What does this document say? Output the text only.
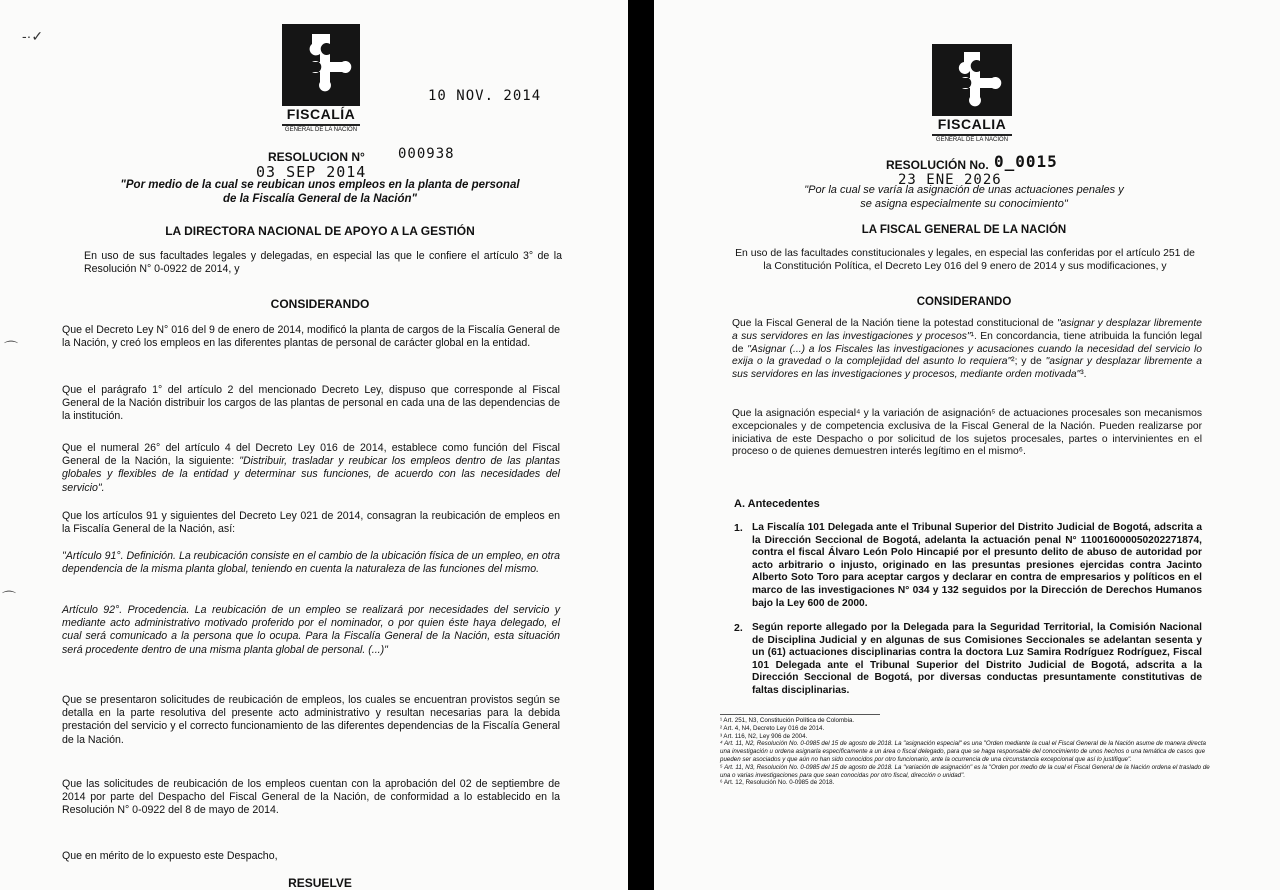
-·✓
FISCALÍA
GENERAL DE LA NACIÓN
10 NOV. 2014
RESOLUCION N° 000938
03 SEP 2014
"Por medio de la cual se reubican unos empleos en la planta de personal
de la Fiscalía General de la Nación"
LA DIRECTORA NACIONAL DE APOYO A LA GESTIÓN
En uso de sus facultades legales y delegadas, en especial las que le confiere el artículo 3° de la Resolución N° 0-0922 de 2014, y
CONSIDERANDO
Que el Decreto Ley N° 016 del 9 de enero de 2014, modificó la planta de cargos de la Fiscalía General de la Nación, y creó los empleos en las diferentes plantas de personal de carácter global en la entidad.
Que el parágrafo 1° del artículo 2 del mencionado Decreto Ley, dispuso que corresponde al Fiscal General de la Nación distribuir los cargos de las plantas de personal en cada una de las dependencias de la institución.
Que el numeral 26° del artículo 4 del Decreto Ley 016 de 2014, establece como función del Fiscal General de la Nación, la siguiente: "Distribuir, trasladar y reubicar los empleos dentro de las plantas globales y flexibles de la entidad y determinar sus funciones, de acuerdo con las necesidades del servicio".
Que los artículos 91 y siguientes del Decreto Ley 021 de 2014, consagran la reubicación de empleos en la Fiscalía General de la Nación, así:
"Artículo 91°. Definición. La reubicación consiste en el cambio de la ubicación física de un empleo, en otra dependencia de la misma planta global, teniendo en cuenta la naturaleza de las funciones del mismo.
Artículo 92°. Procedencia. La reubicación de un empleo se realizará por necesidades del servicio y mediante acto administrativo motivado proferido por el nominador, o por quien éste haya delegado, el cual será comunicado a la persona que lo ocupa. Para la Fiscalía General de la Nación, esta situación será procedente dentro de una misma planta global de personal. (...)"
Que se presentaron solicitudes de reubicación de empleos, los cuales se encuentran provistos según se detalla en la parte resolutiva del presente acto administrativo y resultan necesarias para la debida prestación del servicio y el correcto funcionamiento de las diferentes dependencias de la Fiscalía General de la Nación.
Que las solicitudes de reubicación de los empleos cuentan con la aprobación del 02 de septiembre de 2014 por parte del Despacho del Fiscal General de la Nación, de conformidad a lo establecido en la Resolución N° 0-0922 del 8 de mayo de 2014.
Que en mérito de lo expuesto este Despacho,
RESUELVE
⌒
⌒
FISCALIA
GENERAL DE LA NACIÓN
RESOLUCIÓN No. 0_0015
23 ENE 2026
"Por la cual se varía la asignación de unas actuaciones penales y
se asigna especialmente su conocimiento"
LA FISCAL GENERAL DE LA NACIÓN
En uso de las facultades constitucionales y legales, en especial las conferidas por el artículo 251 de la Constitución Política, el Decreto Ley 016 del 9 enero de 2014 y sus modificaciones, y
CONSIDERANDO
Que la Fiscal General de la Nación tiene la potestad constitucional de "asignar y desplazar libremente a sus servidores en las investigaciones y procesos"¹. En concordancia, tiene atribuida la función legal de "Asignar (...) a los Fiscales las investigaciones y acusaciones cuando la necesidad del servicio lo exija o la gravedad o la complejidad del asunto lo requiera"²; y de "asignar y desplazar libremente a sus servidores en las investigaciones y procesos, mediante orden motivada"³.
Que la asignación especial⁴ y la variación de asignación⁵ de actuaciones procesales son mecanismos excepcionales y de competencia exclusiva de la Fiscal General de la Nación. Pueden realizarse por iniciativa de este Despacho o por solicitud de los sujetos procesales, partes o intervinientes en el proceso o de quienes demuestren interés legítimo en el mismo⁶.
A. Antecedentes
1. La Fiscalía 101 Delegada ante el Tribunal Superior del Distrito Judicial de Bogotá, adscrita a la Dirección Seccional de Bogotá, adelanta la actuación penal N° 110016000050202271874, contra el fiscal Álvaro León Polo Hincapié por el presunto delito de abuso de autoridad por acto arbitrario o injusto, originado en las presuntas presiones ejercidas contra Jacinto Alberto Soto Toro para aceptar cargos y declarar en contra de empresarios y políticos en el marco de las investigaciones N° 034 y 132 seguidos por la Dirección de Derechos Humanos bajo la Ley 600 de 2000.
2. Según reporte allegado por la Delegada para la Seguridad Territorial, la Comisión Nacional de Disciplina Judicial y en algunas de sus Comisiones Seccionales se adelantan sesenta y un (61) actuaciones disciplinarias contra la doctora Luz Samira Rodríguez Rodríguez, Fiscal 101 Delegada ante el Tribunal Superior del Distrito Judicial de Bogotá, adscrita a la Dirección Seccional de Bogotá, por diversas conductas presuntamente constitutivas de faltas disciplinarias.
¹ Art. 251, N3, Constitución Política de Colombia.
² Art. 4, N4, Decreto Ley 016 de 2014.
³ Art. 116, N2, Ley 906 de 2004.
⁴ Art. 11, N2, Resolución No. 0-0985 del 15 de agosto de 2018. La "asignación especial" es una "Orden mediante la cual el Fiscal General de la Nación asume de manera directa una investigación u ordena asignarla específicamente a un área o fiscal delegado, para que se haga responsable del conocimiento de unos hechos o una temática de casos que pueden ser asociados y que aún no han sido conocidos por otro funcionario, ante la ocurrencia de una circunstancia excepcional que así lo justifique".
⁵ Art. 11, N3, Resolución No. 0-0985 del 15 de agosto de 2018. La "variación de asignación" es la "Orden por medio de la cual el Fiscal General de la Nación ordena el traslado de una o varias investigaciones para que sean conocidas por otro fiscal, dirección o unidad".
⁶ Art. 12, Resolución No. 0-0985 de 2018.
